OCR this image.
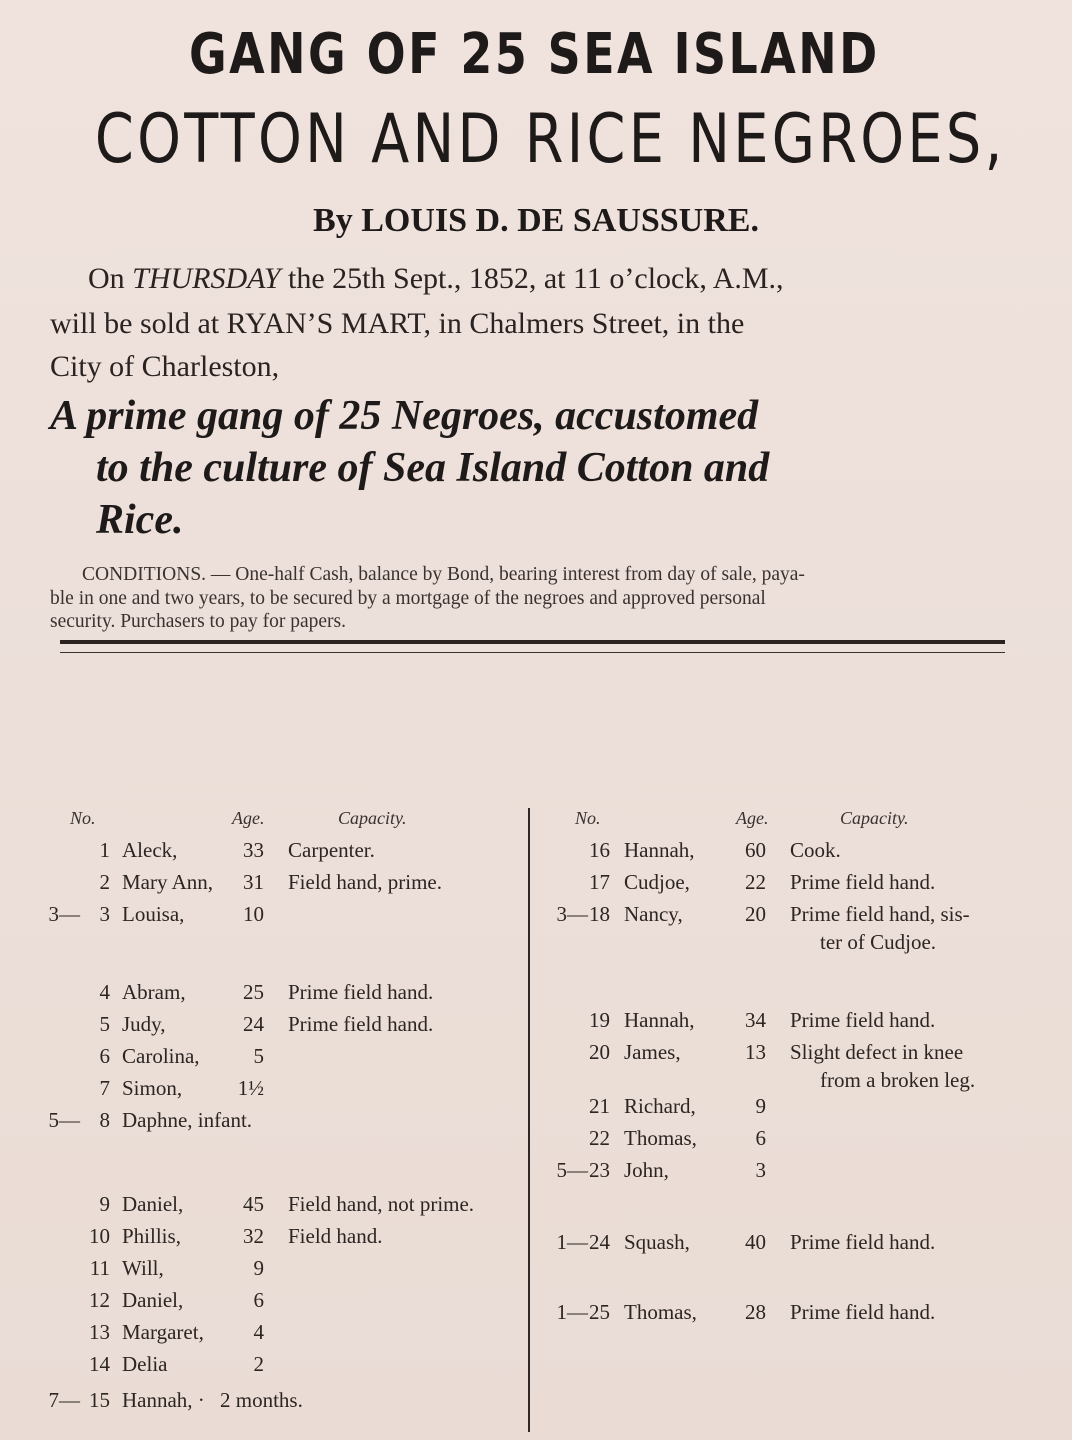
GANG OF 25 SEA ISLAND
COTTON AND RICE NEGROES,
By LOUIS D. DE SAUSSURE.
On THURSDAY the 25th Sept., 1852, at 11 o’clock, A.M.,
will be sold at RYAN’S MART, in Chalmers Street, in the
City of Charleston,
A prime gang of 25 Negroes, accustomed
to the culture of Sea Island Cotton and
Rice.
CONDITIONS. — One-half Cash, balance by Bond, bearing interest from day of sale, paya-
ble in one and two years, to be secured by a mortgage of the negroes and approved personal
security. Purchasers to pay for papers.
No.	Age.	Capacity.	No.	Age.	Capacity.
1 Aleck,	33 Carpenter.
2 Mary Ann,	31 Field hand, prime.
3— 3 Louisa,	10
4 Abram,	25 Prime field hand.
5 Judy,	24 Prime field hand.
6 Carolina,	5
7 Simon,	1½
5— 8 Daphne, infant.
9 Daniel,	45 Field hand, not prime.
10 Phillis,	32 Field hand.
11 Will,	9
12 Daniel,	6
13 Margaret,	4
14 Delia	2
7— 15 Hannah, · 2 months.
16 Hannah,	60 Cook.
17 Cudjoe,	22 Prime field hand.
3— 18 Nancy,	20 Prime field hand, sis-
ter of Cudjoe.
19 Hannah,	34 Prime field hand.
20 James,	13 Slight defect in knee
from a broken leg.
21 Richard,	9
22 Thomas,	6
5— 23 John,	3
1— 24 Squash,	40 Prime field hand.
1— 25 Thomas,	28 Prime field hand.
